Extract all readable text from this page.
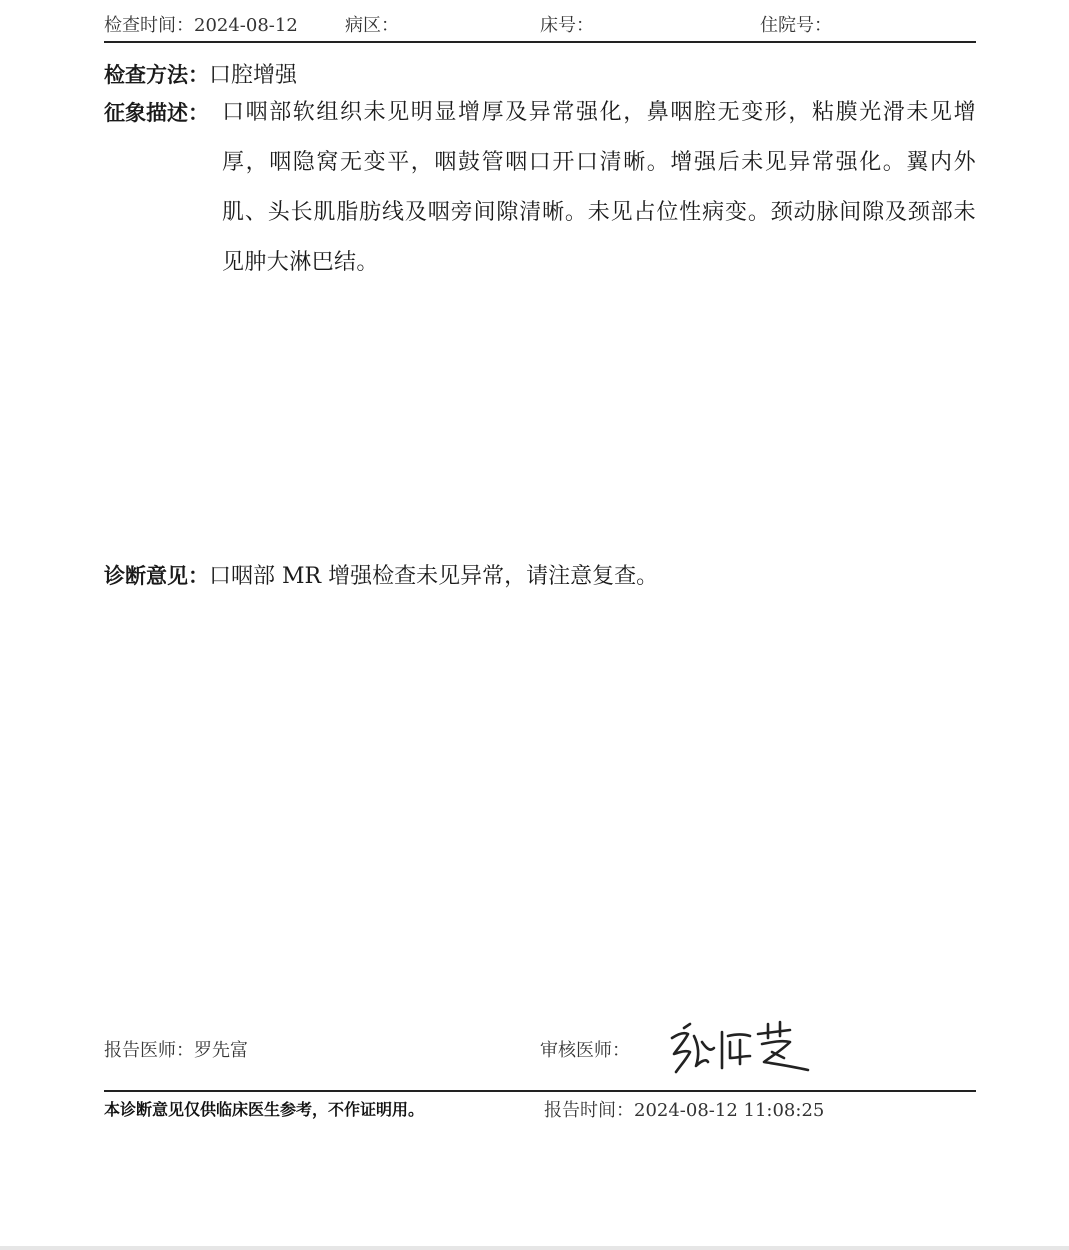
检查时间：2024-08-12	病区：	床号：	住院号：
检查方法：口腔增强
征象描述： 口咽部软组织未见明显增厚及异常强化，鼻咽腔无变形，粘膜光滑未见增厚，咽隐窝无变平，咽鼓管咽口开口清晰。增强后未见异常强化。翼内外肌、头长肌脂肪线及咽旁间隙清晰。未见占位性病变。颈动脉间隙及颈部未见肿大淋巴结。
诊断意见：口咽部 MR 增强检查未见异常，请注意复查。
报告医师：罗先富	审核医师：
本诊断意见仅供临床医生参考，不作证明用。	报告时间：2024-08-12 11:08:25
